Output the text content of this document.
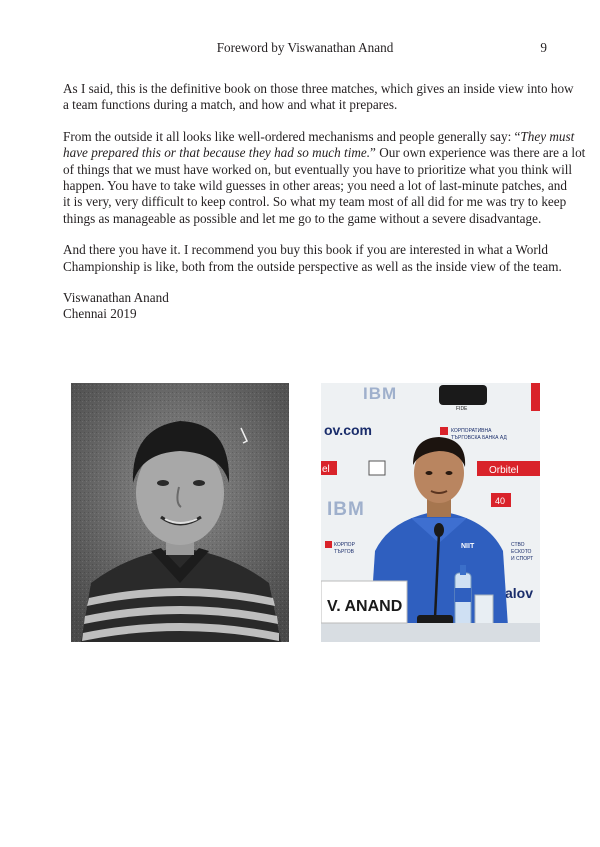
Foreword by Viswanathan Anand	9

As I said, this is the definitive book on those three matches, which gives an inside view into how
a team functions during a match, and how and what it prepares.

From the outside it all looks like well-ordered mechanisms and people generally say: “They must
have prepared this or that because they had so much time.” Our own experience was there are a lot
of things that we must have worked on, but eventually you have to prioritize what you think will
happen. You have to take wild guesses in other areas; you need a lot of last-minute patches, and
it is very, very difficult to keep control. So what my team most of all did for me was try to keep
things as manageable as possible and let me go to the game without a severe disadvantage.

And there you have it. I recommend you buy this book if you are interested in what a World
Championship is like, both from the outside perspective as well as the inside view of the team.

Viswanathan Anand
Chennai 2019
IBM
FIDE
ov.com	КОРПОРАТИВНА
ТЪРГОВСКА БАНКА АД
el	Orbitel
IBM	40
КОРПОР
ТЪРГОВ
СТВО
ЕСКОТО
И СПОРТ
alov
NIIT
V. ANAND
